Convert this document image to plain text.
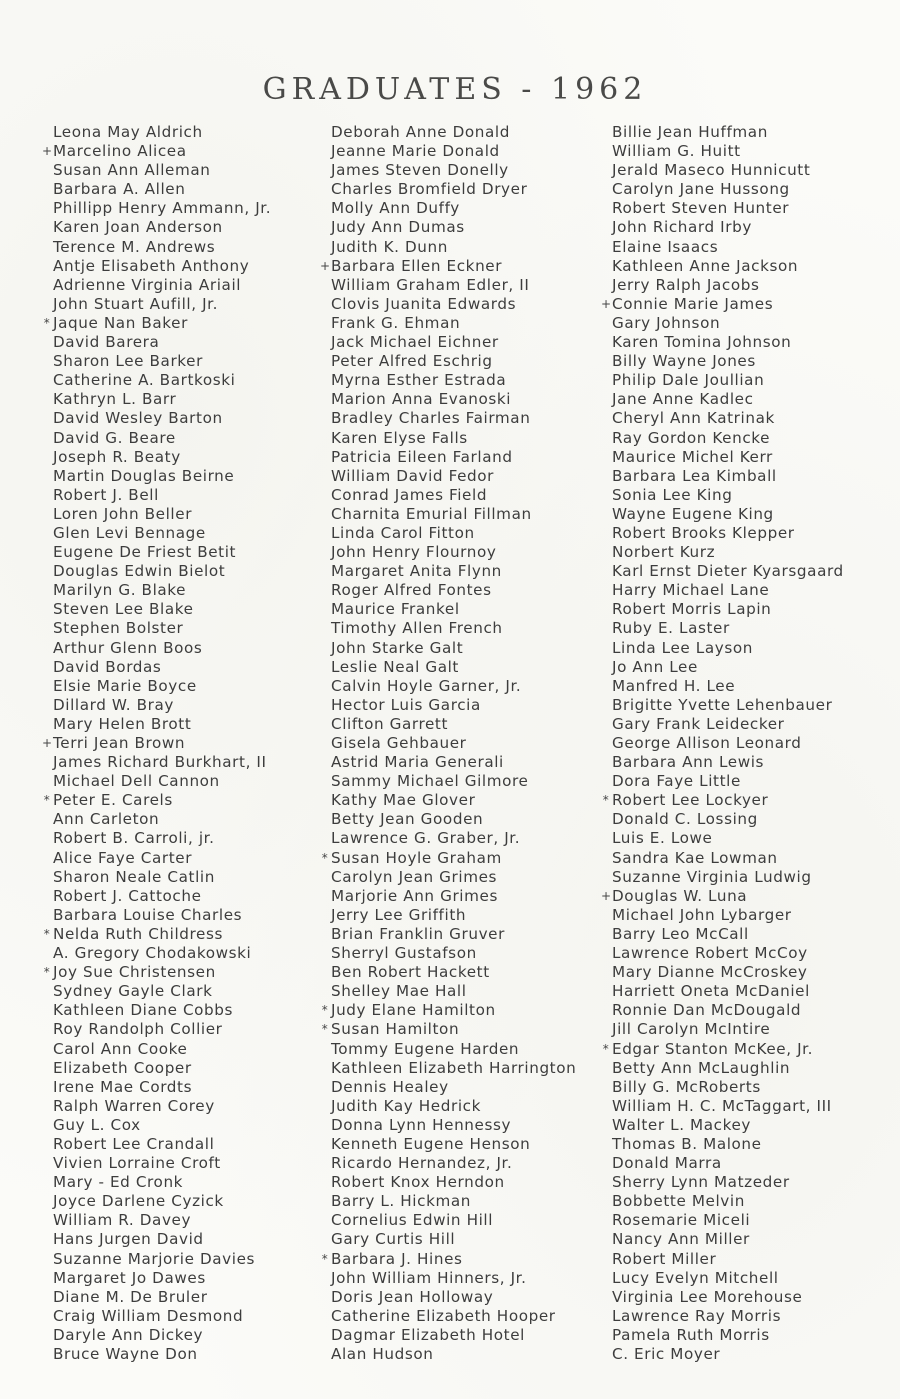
GRADUATES - 1962
Leona May Aldrich
+ Marcelino Alicea
Susan Ann Alleman
Barbara A. Allen
Phillipp Henry Ammann, Jr.
Karen Joan Anderson
Terence M. Andrews
Antje Elisabeth Anthony
Adrienne Virginia Ariail
John Stuart Aufill, Jr.
* Jaque Nan Baker
David Barera
Sharon Lee Barker
Catherine A. Bartkoski
Kathryn L. Barr
David Wesley Barton
David G. Beare
Joseph R. Beaty
Martin Douglas Beirne
Robert J. Bell
Loren John Beller
Glen Levi Bennage
Eugene De Friest Betit
Douglas Edwin Bielot
Marilyn G. Blake
Steven Lee Blake
Stephen Bolster
Arthur Glenn Boos
David Bordas
Elsie Marie Boyce
Dillard W. Bray
Mary Helen Brott
+ Terri Jean Brown
James Richard Burkhart, II
Michael Dell Cannon
* Peter E. Carels
Ann Carleton
Robert B. Carroli, jr.
Alice Faye Carter
Sharon Neale Catlin
Robert J. Cattoche
Barbara Louise Charles
* Nelda Ruth Childress
A. Gregory Chodakowski
* Joy Sue Christensen
Sydney Gayle Clark
Kathleen Diane Cobbs
Roy Randolph Collier
Carol Ann Cooke
Elizabeth Cooper
Irene Mae Cordts
Ralph Warren Corey
Guy L. Cox
Robert Lee Crandall
Vivien Lorraine Croft
Mary - Ed Cronk
Joyce Darlene Cyzick
William R. Davey
Hans Jurgen David
Suzanne Marjorie Davies
Margaret Jo Dawes
Diane M. De Bruler
Craig William Desmond
Daryle Ann Dickey
Bruce Wayne Don
Deborah Anne Donald
Jeanne Marie Donald
James Steven Donelly
Charles Bromfield Dryer
Molly Ann Duffy
Judy Ann Dumas
Judith K. Dunn
+ Barbara Ellen Eckner
William Graham Edler, II
Clovis Juanita Edwards
Frank G. Ehman
Jack Michael Eichner
Peter Alfred Eschrig
Myrna Esther Estrada
Marion Anna Evanoski
Bradley Charles Fairman
Karen Elyse Falls
Patricia Eileen Farland
William David Fedor
Conrad James Field
Charnita Emurial Fillman
Linda Carol Fitton
John Henry Flournoy
Margaret Anita Flynn
Roger Alfred Fontes
Maurice Frankel
Timothy Allen French
John Starke Galt
Leslie Neal Galt
Calvin Hoyle Garner, Jr.
Hector Luis Garcia
Clifton Garrett
Gisela Gehbauer
Astrid Maria Generali
Sammy Michael Gilmore
Kathy Mae Glover
Betty Jean Gooden
Lawrence G. Graber, Jr.
* Susan Hoyle Graham
Carolyn Jean Grimes
Marjorie Ann Grimes
Jerry Lee Griffith
Brian Franklin Gruver
Sherryl Gustafson
Ben Robert Hackett
Shelley Mae Hall
* Judy Elane Hamilton
* Susan Hamilton
Tommy Eugene Harden
Kathleen Elizabeth Harrington
Dennis Healey
Judith Kay Hedrick
Donna Lynn Hennessy
Kenneth Eugene Henson
Ricardo Hernandez, Jr.
Robert Knox Herndon
Barry L. Hickman
Cornelius Edwin Hill
Gary Curtis Hill
* Barbara J. Hines
John William Hinners, Jr.
Doris Jean Holloway
Catherine Elizabeth Hooper
Dagmar Elizabeth Hotel
Alan Hudson
Billie Jean Huffman
William G. Huitt
Jerald Maseco Hunnicutt
Carolyn Jane Hussong
Robert Steven Hunter
John Richard Irby
Elaine Isaacs
Kathleen Anne Jackson
Jerry Ralph Jacobs
+ Connie Marie James
Gary Johnson
Karen Tomina Johnson
Billy Wayne Jones
Philip Dale Joullian
Jane Anne Kadlec
Cheryl Ann Katrinak
Ray Gordon Kencke
Maurice Michel Kerr
Barbara Lea Kimball
Sonia Lee King
Wayne Eugene King
Robert Brooks Klepper
Norbert Kurz
Karl Ernst Dieter Kyarsgaard
Harry Michael Lane
Robert Morris Lapin
Ruby E. Laster
Linda Lee Layson
Jo Ann Lee
Manfred H. Lee
Brigitte Yvette Lehenbauer
Gary Frank Leidecker
George Allison Leonard
Barbara Ann Lewis
Dora Faye Little
* Robert Lee Lockyer
Donald C. Lossing
Luis E. Lowe
Sandra Kae Lowman
Suzanne Virginia Ludwig
+ Douglas W. Luna
Michael John Lybarger
Barry Leo McCall
Lawrence Robert McCoy
Mary Dianne McCroskey
Harriett Oneta McDaniel
Ronnie Dan McDougald
Jill Carolyn McIntire
* Edgar Stanton McKee, Jr.
Betty Ann McLaughlin
Billy G. McRoberts
William H. C. McTaggart, III
Walter L. Mackey
Thomas B. Malone
Donald Marra
Sherry Lynn Matzeder
Bobbette Melvin
Rosemarie Miceli
Nancy Ann Miller
Robert Miller
Lucy Evelyn Mitchell
Virginia Lee Morehouse
Lawrence Ray Morris
Pamela Ruth Morris
C. Eric Moyer
